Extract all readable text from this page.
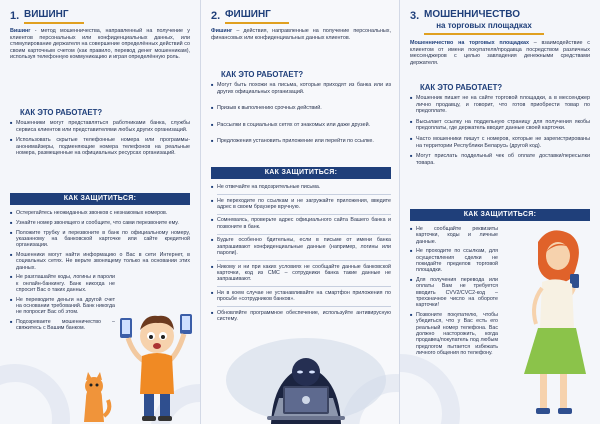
1. ВИШИНГ
Вишинг - метод мошенничества, направленный на получение у клиентов персональных или конфиденциальных данных, или стимулирование держателя на совершение определённых действий со своим карточным счетом (как правило, перевод денег мошенникам), используя телефонную коммуникацию и играя определённую роль.
КАК ЭТО РАБОТАЕТ?
■ Мошенники могут представляться работниками банка, службы сервиса клиентов или представителями любых других организаций.
■ Использовать скрытые телефонные номера или программы-анонимайзеры, подменяющие номера телефонов на реальные номера, размещенные на официальных ресурсах организаций.
КАК ЗАЩИТИТЬСЯ:
■ Остерегайтесь неожиданных звонков с незнакомых номеров.
■ Узнайте номер звонящего и сообщите, что сами перезвоните ему.
■ Положите трубку и перезвоните в банк по официальному номеру, указанному на банковской карточке или сайте кредитной организации.
■ Мошенники могут найти информацию о Вас в сети Интернет, в социальных сетях. Не верьте звонящему только на основании этих данных.
■ Не разглашайте коды, логины и пароли к онлайн-банкингу. Банк никогда не спросит Вас о таких данных.
■ Не переводите деньги на другой счет на основании требований. Банк никогда не попросит Вас об этом.
■ Подозреваете мошенничество – свяжитесь с Вашим банком.
2. ФИШИНГ
Фишинг – действия, направленные на получение персональных, финансовых или конфиденциальных данных клиентов.
КАК ЭТО РАБОТАЕТ?
■ Могут быть похожи на письма, которые приходят из банка или из других официальных организаций.
■ Призыв к выполнению срочных действий.
■ Рассылки в социальных сетях от знакомых или даже друзей.
■ Предложения установить приложение или перейти по ссылке.
КАК ЗАЩИТИТЬСЯ:
■ Не отвечайте на подозрительные письма.
■ Не переходите по ссылкам и не загружайте приложения, введите адрес в своем браузере вручную.
■ Сомневаясь, проверьте адрес официального сайта Вашего банка и позвоните в банк.
■ Будьте особенно бдительны, если в письме от имени банка запрашивают конфиденциальные данные (например, логины или пароли).
■ Никому и ни при каких условиях не сообщайте данные банковской карточки, код из СМС – сотрудники банка такие данные не запрашивают.
■ Ни в коем случае не устанавливайте на смартфон приложения по просьбе «сотрудников банков».
■ Обновляйте программное обеспечение, используйте антивирусную систему.
3. МОШЕННИЧЕСТВО
на торговых площадках
Мошенничество на торговых площадках – взаимодействие с клиентом от имени покупателя/продавца посредством различных мессенджеров с целью завладения денежными средствами держателя.
КАК ЭТО РАБОТАЕТ?
■ Мошенник пишет не на сайте торговой площадки, а в мессенджер лично продавцу, и говорит, что готов приобрести товар по предоплате.
■ Высылает ссылку на поддельную страницу для получения якобы предоплаты, где держатель вводит данные своей карточки.
■ Часто мошенники пишут с номеров, которые не зарегистрированы на территории Республики Беларусь (другой код).
■ Могут прислать поддельный чек об оплате доставки/пересылки товара.
КАК ЗАЩИТИТЬСЯ:
■ Не сообщайте реквизиты карточки, коды и личные данные.
■ Не проходите по ссылкам, для осуществления сделки не покидайте пределов торговой площадки.
■ Для получения перевода или оплаты Вам не требуется вводить CVV2/CVC2-код – трехзначное число на обороте карточки!
■ Позвоните покупателю, чтобы убедиться, что у Вас есть его реальный номер телефона. Вас должно насторожить, когда продавец/покупатель под любым предлогом пытается избежать личного общения по телефону.
